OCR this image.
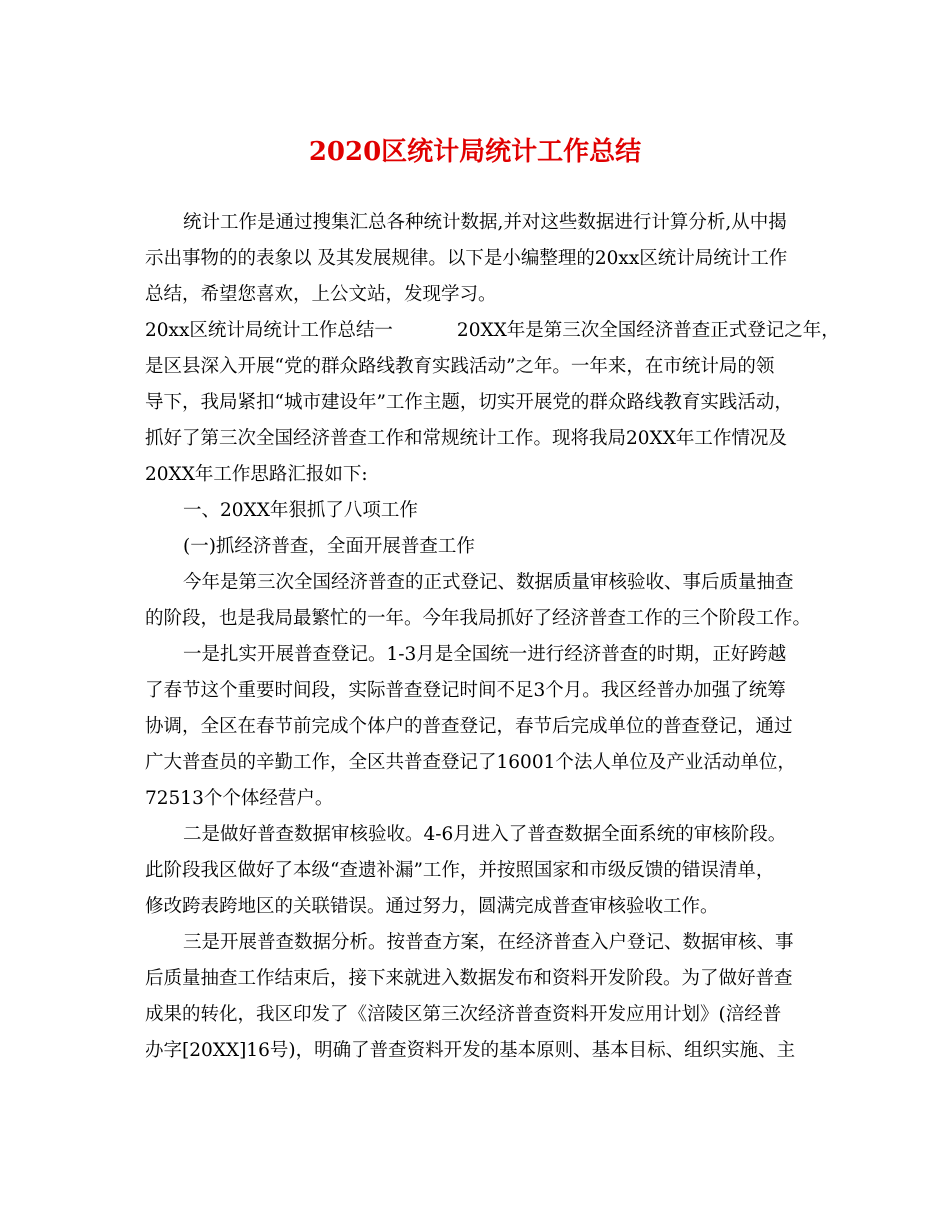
2020区统计局统计工作总结

统计工作是通过搜集汇总各种统计数据,并对这些数据进行计算分析,从中揭

示出事物的的表象以 及其发展规律。以下是小编整理的20xx区统计局统计工作

总结，希望您喜欢，上公文站，发现学习。

20xx区统计局统计工作总结一	20XX年是第三次全国经济普查正式登记之年，

是区县深入开展“党的群众路线教育实践活动”之年。一年来，在市统计局的领

导下，我局紧扣“城市建设年”工作主题，切实开展党的群众路线教育实践活动，

抓好了第三次全国经济普查工作和常规统计工作。现将我局20XX年工作情况及

20XX年工作思路汇报如下:

一、20XX年狠抓了八项工作

(一)抓经济普查，全面开展普查工作

今年是第三次全国经济普查的正式登记、数据质量审核验收、事后质量抽查

的阶段，也是我局最繁忙的一年。今年我局抓好了经济普查工作的三个阶段工作。

一是扎实开展普查登记。1-3月是全国统一进行经济普查的时期，正好跨越

了春节这个重要时间段，实际普查登记时间不足3个月。我区经普办加强了统筹

协调，全区在春节前完成个体户的普查登记，春节后完成单位的普查登记，通过

广大普查员的辛勤工作，全区共普查登记了16001个法人单位及产业活动单位，

72513个个体经营户。

二是做好普查数据审核验收。4-6月进入了普查数据全面系统的审核阶段。

此阶段我区做好了本级“查遗补漏”工作，并按照国家和市级反馈的错误清单，

修改跨表跨地区的关联错误。通过努力，圆满完成普查审核验收工作。

三是开展普查数据分析。按普查方案，在经济普查入户登记、数据审核、事

后质量抽查工作结束后，接下来就进入数据发布和资料开发阶段。为了做好普查

成果的转化，我区印发了《涪陵区第三次经济普查资料开发应用计划》(涪经普

办字[20XX]16号)，明确了普查资料开发的基本原则、基本目标、组织实施、主
